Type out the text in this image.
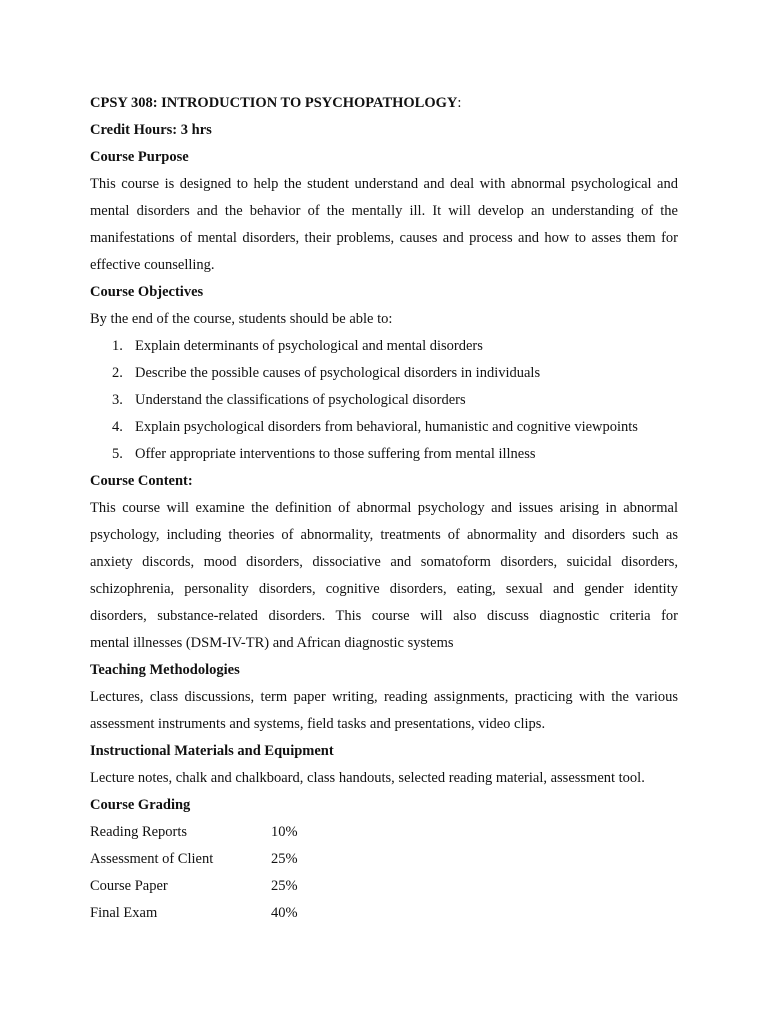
CPSY 308: INTRODUCTION TO PSYCHOPATHOLOGY:
Credit Hours: 3 hrs
Course Purpose
This course is designed to help the student understand and deal with abnormal psychological and
mental disorders and the behavior of the mentally ill. It will develop an understanding of the
manifestations of mental disorders, their problems, causes and process and how to asses them for
effective counselling.
Course Objectives
By the end of the course, students should be able to:
1. Explain determinants of psychological and mental disorders
2. Describe the possible causes of psychological disorders in individuals
3. Understand the classifications of psychological disorders
4. Explain psychological disorders from behavioral, humanistic and cognitive viewpoints
5. Offer appropriate interventions to those suffering from mental illness
Course Content:
This course will examine the definition of abnormal psychology and issues arising in abnormal
psychology, including theories of abnormality, treatments of abnormality and disorders such as
anxiety discords, mood disorders, dissociative and somatoform disorders, suicidal disorders,
schizophrenia, personality disorders, cognitive disorders, eating, sexual and gender identity
disorders, substance-related disorders. This course will also discuss diagnostic criteria for
mental illnesses (DSM-IV-TR) and African diagnostic systems
Teaching Methodologies
Lectures, class discussions, term paper writing, reading assignments, practicing with the various
assessment instruments and systems, field tasks and presentations, video clips.
Instructional Materials and Equipment
Lecture notes, chalk and chalkboard, class handouts, selected reading material, assessment tool.
Course Grading
Reading Reports	10%
Assessment of Client	25%
Course Paper	25%
Final Exam	40%
